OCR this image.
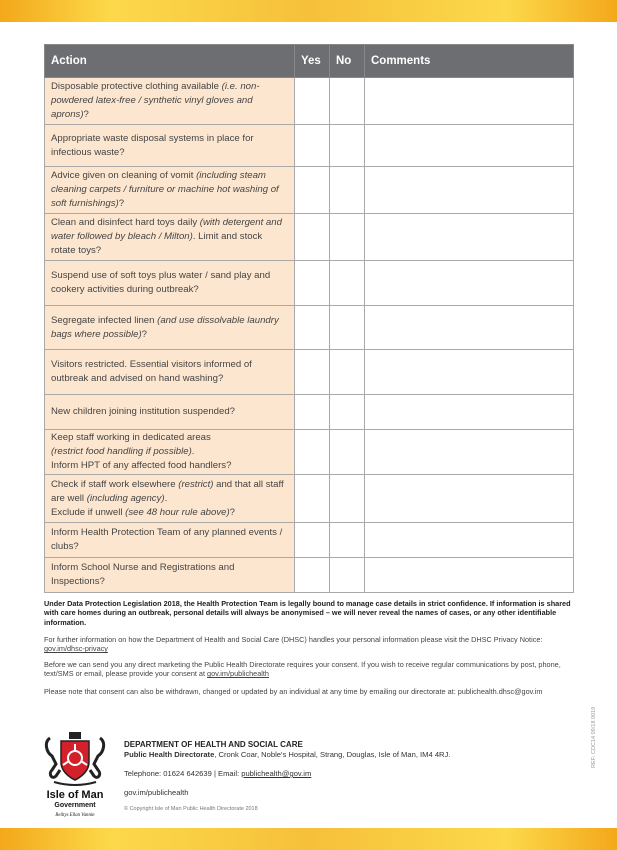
Action	Yes	No	Comments
Disposable protective clothing available (i.e. non-powdered latex-free / synthetic vinyl gloves and aprons)?			
Appropriate waste disposal systems in place for infectious waste?			
Advice given on cleaning of vomit (including steam cleaning carpets / furniture or machine hot washing of soft furnishings)?			
Clean and disinfect hard toys daily (with detergent and water followed by bleach / Milton). Limit and stock rotate toys?			
Suspend use of soft toys plus water / sand play and cookery activities during outbreak?			
Segregate infected linen (and use dissolvable laundry bags where possible)?			
Visitors restricted. Essential visitors informed of outbreak and advised on hand washing?			
New children joining institution suspended?			
Keep staff working in dedicated areas
(restrict food handling if possible).
Inform HPT of any affected food handlers?			
Check if staff work elsewhere (restrict) and that all staff are well (including agency).
Exclude if unwell (see 48 hour rule above)?			
Inform Health Protection Team of any planned events / clubs?			
Inform School Nurse and Registrations and Inspections?			
Under Data Protection Legislation 2018, the Health Protection Team is legally bound to manage case details in strict confidence. If information is shared with care homes during an outbreak, personal details will always be anonymised – we will never reveal the names of cases, or any other identifiable information.
For further information on how the Department of Health and Social Care (DHSC) handles your personal information please visit the DHSC Privacy Notice: gov.im/dhsc-privacy
Before we can send you any direct marketing the Public Health Directorate requires your consent. If you wish to receive regular communications by post, phone, text/SMS or email, please provide your consent at gov.im/publichealth
Please note that consent can also be withdrawn, changed or updated by an individual at any time by emailing our directorate at: publichealth.dhsc@gov.im
Isle of Man
Government
Reiltys Ellan Vannin
DEPARTMENT OF HEALTH AND SOCIAL CARE
Public Health Directorate, Cronk Coar, Noble's Hospital, Strang, Douglas, Isle of Man, IM4 4RJ.
Telephone: 01624 642639 | Email: publichealth@gov.im
gov.im/publichealth
© Copyright Isle of Man Public Health Directorate 2018
REF: CDC14 09/18 0019
